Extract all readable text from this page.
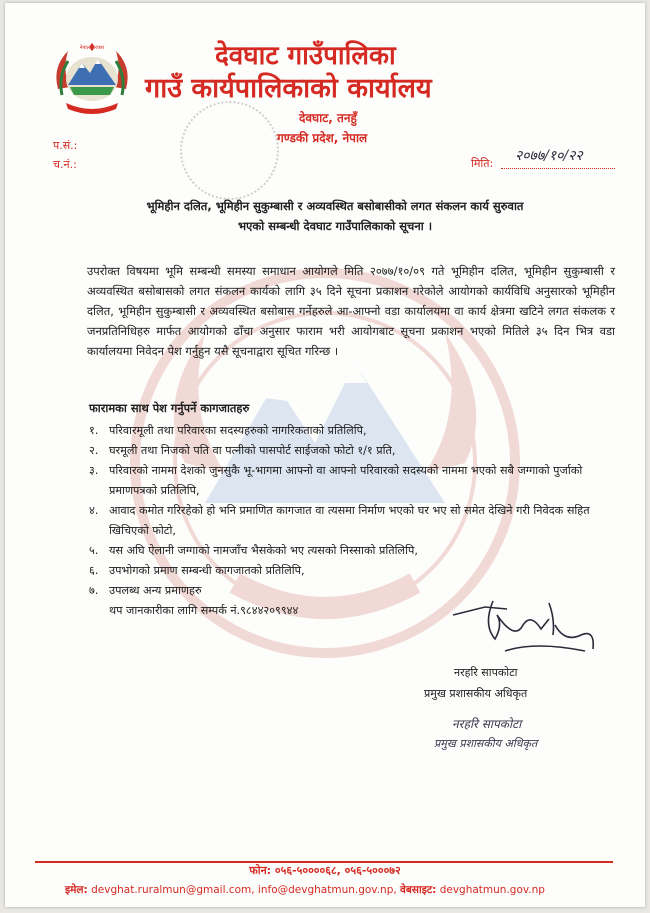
नेपाल सरकार	देवघाट गाउँपालिका
गाउँ कार्यपालिकाको कार्यालय
देवघाट, तनहुँ
गण्डकी प्रदेश, नेपाल
प.सं.:
च.नं.:	मिति: २०७७/१०/२२
भूमिहीन दलित, भूमिहीन सुकुम्बासी र अव्यवस्थित बसोबासीको लगत संकलन कार्य सुरुवात
भएको सम्बन्धी देवघाट गाउँपालिकाको सूचना ।
उपरोक्त विषयमा भूमि सम्बन्धी समस्या समाधान आयोगले मिति २०७७/१०/०९ गते भूमिहीन दलित, भूमिहीन सुकुम्बासी र अव्यवस्थित बसोबासको लगत संकलन कार्यको लागि ३५ दिने सूचना प्रकाशन गरेकोले आयोगको कार्यविधि अनुसारको भूमिहीन दलित, भूमिहीन सुकुम्बासी र अव्यवस्थित बसोबास गर्नेहरुले आ-आफ्नो वडा कार्यालयमा वा कार्य क्षेत्रमा खटिने लगत संकलक र जनप्रतिनिधिहरु मार्फत आयोगको ढाँचा अनुसार फाराम भरी आयोगबाट सूचना प्रकाशन भएको मितिले ३५ दिन भित्र वडा कार्यालयमा निवेदन पेश गर्नुहुन यसै सूचनाद्वारा सूचित गरिन्छ ।
फारामका साथ पेश गर्नुपर्ने कागजातहरु
१. परिवारमूली तथा परिवारका सदस्यहरुको नागरिकताको प्रतिलिपि,
२. घरमूली तथा निजको पति वा पत्नीको पासपोर्ट साईजको फोटो १/१ प्रति,
३. परिवारको नाममा देशको जुनसुकै भू-भागमा आफ्नो वा आफ्नो परिवारको सदस्यको नाममा भएको सबै जग्गाको पुर्जाको प्रमाणपत्रको प्रतिलिपि,
४. आवाद कमोत गरिरहेको हो भनि प्रमाणित कागजात वा त्यसमा निर्माण भएको घर भए सो समेत देखिने गरी निवेदक सहित खिचिएको फोटो,
५. यस अघि ऐलानी जग्गाको नामजाँच भैसकेको भए त्यसको निस्साको प्रतिलिपि,
६. उपभोगको प्रमाण सम्बन्धी कागजातको प्रतिलिपि,
७. उपलब्ध अन्य प्रमाणहरु
थप जानकारीका लागि सम्पर्क नं.९८४४२०९९४४
नरहरि सापकोटा
प्रमुख प्रशासकीय अधिकृत
नरहरि सापकोटा
प्रमुख प्रशासकीय अधिकृत
फोन: ०५६-५००००६८, ०५६-५०००७२
इमेल: devghat.ruralmun@gmail.com, info@devghatmun.gov.np, वेबसाइट: devghatmun.gov.np
